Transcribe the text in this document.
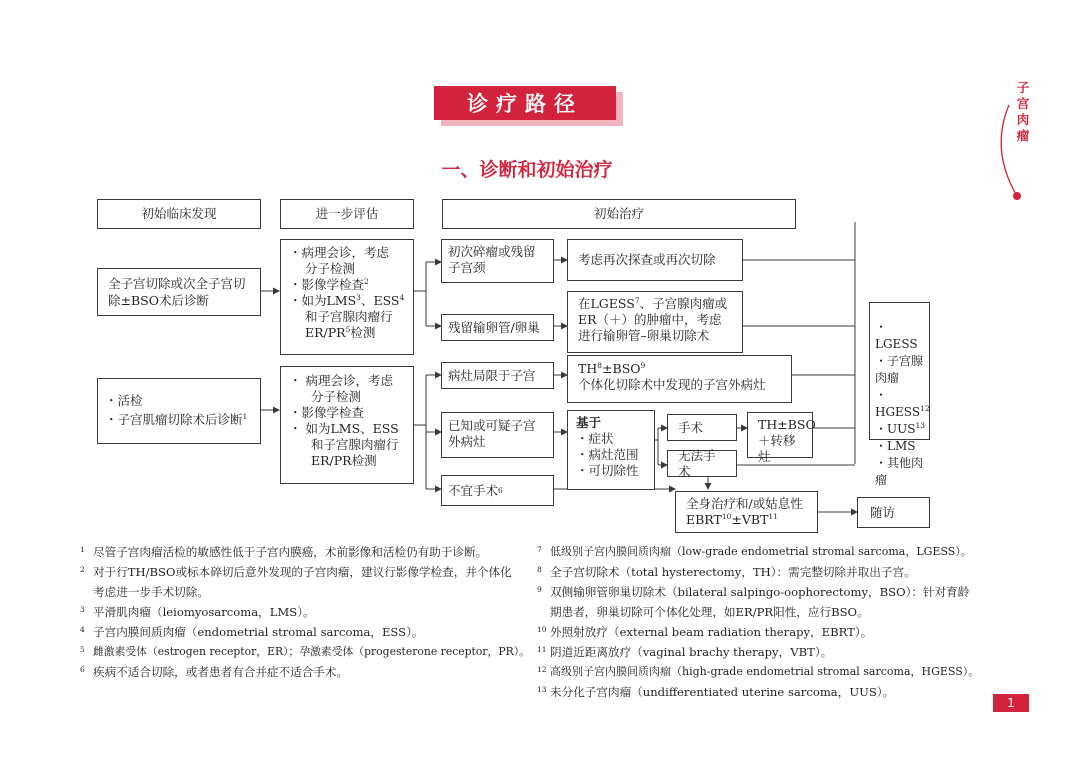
诊疗路径
一、诊断和初始治疗
子
宫
肉
瘤
初始临床发现	进一步评估	初始治疗
全子宫切除或次全子宫切除±BSO术后诊断
・活检
・子宫肌瘤切除术后诊断$^1$
・病理会诊，考虑
分子检测
・影像学检查$^2$
・如为LMS$^3$、ESS$^4$
和子宫腺肉瘤行
$ER/PR^5$检测
・ 病理会诊，考虑
分子检测
・影像学检查
・ 如为LMS、ESS
和子宫腺肉瘤行
ER/PR检测
初次碎瘤或残留子宫颈
考虑再次探查或再次切除
残留输卵管/卵巢
在LGESS$^7$、子宫腺肉瘤或ER（＋）的肿瘤中，考虑进行输卵管–卵巢切除术
病灶局限于子宫	$TH^8\pm BSO^9$
个体化切除术中发现的子宫外病灶
已知或可疑子宫外病灶
基于
・症状
・病灶范围
・可切除性
手术	TH±BSO＋转移灶
无法手术
不宜手术 6
全身治疗和/或姑息性$EBRT^{10}\pm VBT^{11}$	随访
・LGESS
・子宫腺肉瘤
・HGESS$^{12}$
・UUS$^{13}$
・LMS
・其他肉瘤
1 尽管子宫肉瘤活检的敏感性低于子宫内膜癌，术前影像和活检仍有助于诊断。
2 对于行TH/BSO或标本碎切后意外发现的子宫肉瘤，建议行影像学检查，并个体化考虑进一步手术切除。
3 平滑肌肉瘤（leiomyosarcoma，LMS）。
4 子宫内膜间质肉瘤（endometrial stromal sarcoma，ESS）。
5 雌激素受体（estrogen receptor，ER）；孕激素受体（progesterone receptor，PR）。
6 疾病不适合切除，或者患者有合并症不适合手术。
7 低级别子宫内膜间质肉瘤（low-grade endometrial stromal sarcoma，LGESS）。
8 全子宫切除术（total hysterectomy，TH）：需完整切除并取出子宫。
9 双侧输卵管卵巢切除术（bilateral salpingo-oophorectomy，BSO）：针对育龄期患者，卵巢切除可个体化处理，如ER/PR阳性，应行BSO。
10 外照射放疗（external beam radiation therapy，EBRT）。
11 阴道近距离放疗（vaginal brachy therapy，VBT）。
12 高级别子宫内膜间质肉瘤（high-grade endometrial stromal sarcoma，HGESS）。
13 未分化子宫肉瘤（undifferentiated uterine sarcoma，UUS）。
1
